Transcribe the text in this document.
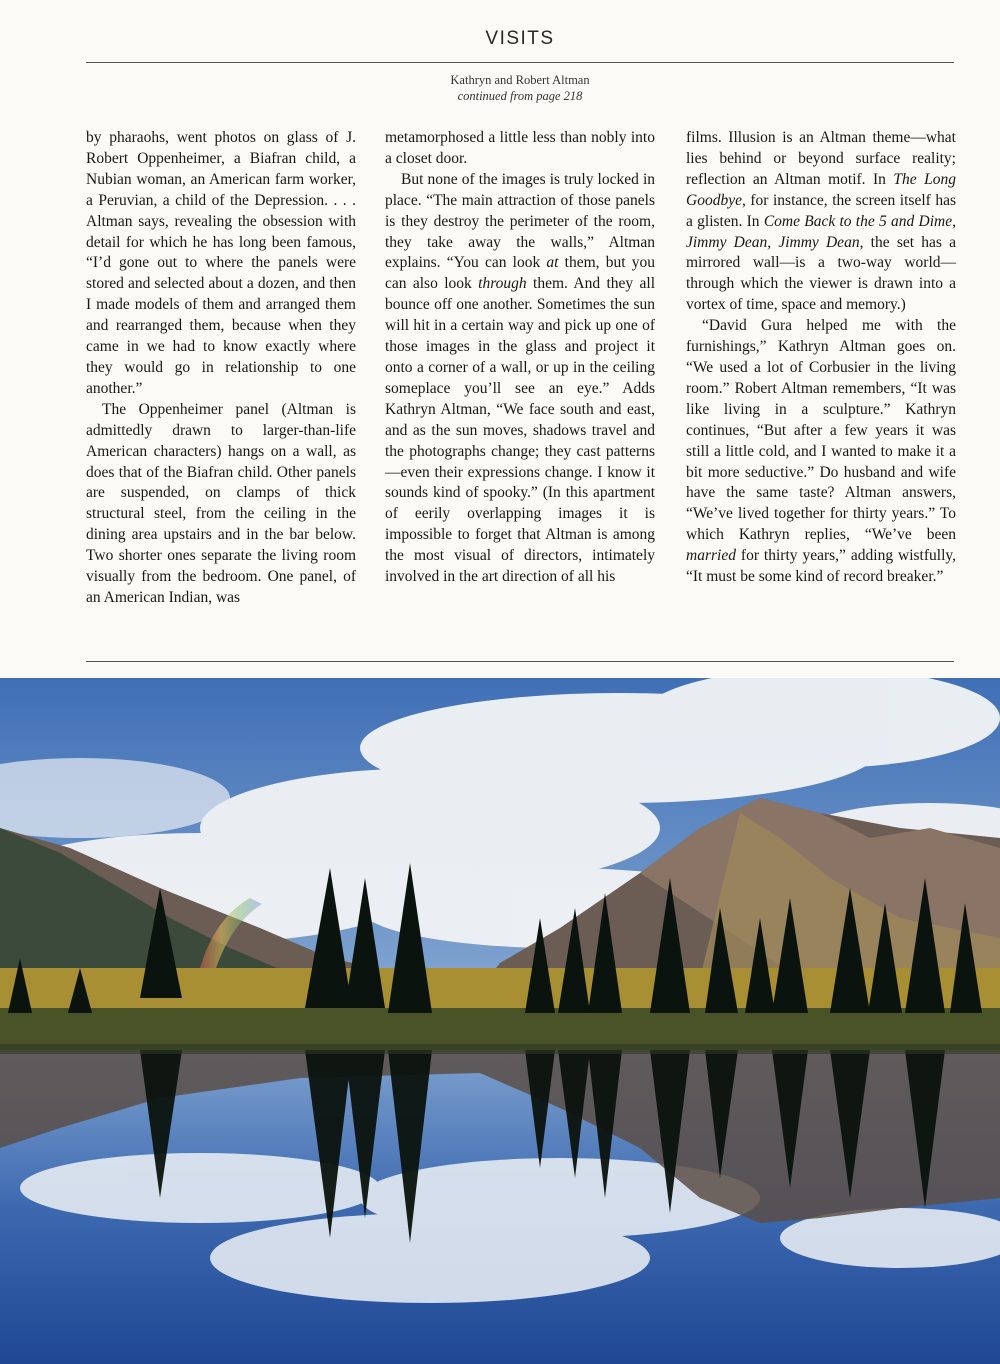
VISITS
Kathryn and Robert Altman
continued from page 218

by pharaohs, went photos on glass of J. Robert Oppenheimer, a Biafran child, a Nubian woman, an American farm worker, a Peruvian, a child of the Depression. . . . Altman says, revealing the obsession with detail for which he has long been famous, “I’d gone out to where the panels were stored and selected about a dozen, and then I made models of them and arranged them and rearranged them, because when they came in we had to know exactly where they would go in relationship to one another.”

The Oppenheimer panel (Altman is admittedly drawn to larger-than-life American characters) hangs on a wall, as does that of the Biafran child. Other panels are suspended, on clamps of thick structural steel, from the ceiling in the dining area upstairs and in the bar below. Two shorter ones separate the living room visually from the bedroom. One panel, of an American Indian, was

metamorphosed a little less than nobly into a closet door.

But none of the images is truly locked in place. “The main attraction of those panels is they destroy the perimeter of the room, they take away the walls,” Altman explains. “You can look at them, but you can also look through them. And they all bounce off one another. Sometimes the sun will hit in a certain way and pick up one of those images in the glass and project it onto a corner of a wall, or up in the ceiling someplace you’ll see an eye.” Adds Kathryn Altman, “We face south and east, and as the sun moves, shadows travel and the photographs change; they cast patterns—even their expressions change. I know it sounds kind of spooky.” (In this apartment of eerily overlapping images it is impossible to forget that Altman is among the most visual of directors, intimately involved in the art direction of all his

films. Illusion is an Altman theme—what lies behind or beyond surface reality; reflection an Altman motif. In The Long Goodbye, for instance, the screen itself has a glisten. In Come Back to the 5 and Dime, Jimmy Dean, Jimmy Dean, the set has a mirrored wall—is a two-way world—through which the viewer is drawn into a vortex of time, space and memory.)

“David Gura helped me with the furnishings,” Kathryn Altman goes on. “We used a lot of Corbusier in the living room.” Robert Altman remembers, “It was like living in a sculpture.” Kathryn continues, “But after a few years it was still a little cold, and I wanted to make it a bit more seductive.” Do husband and wife have the same taste? Altman answers, “We’ve lived together for thirty years.” To which Kathryn replies, “We’ve been married for thirty years,” adding wistfully, “It must be some kind of record breaker.”
